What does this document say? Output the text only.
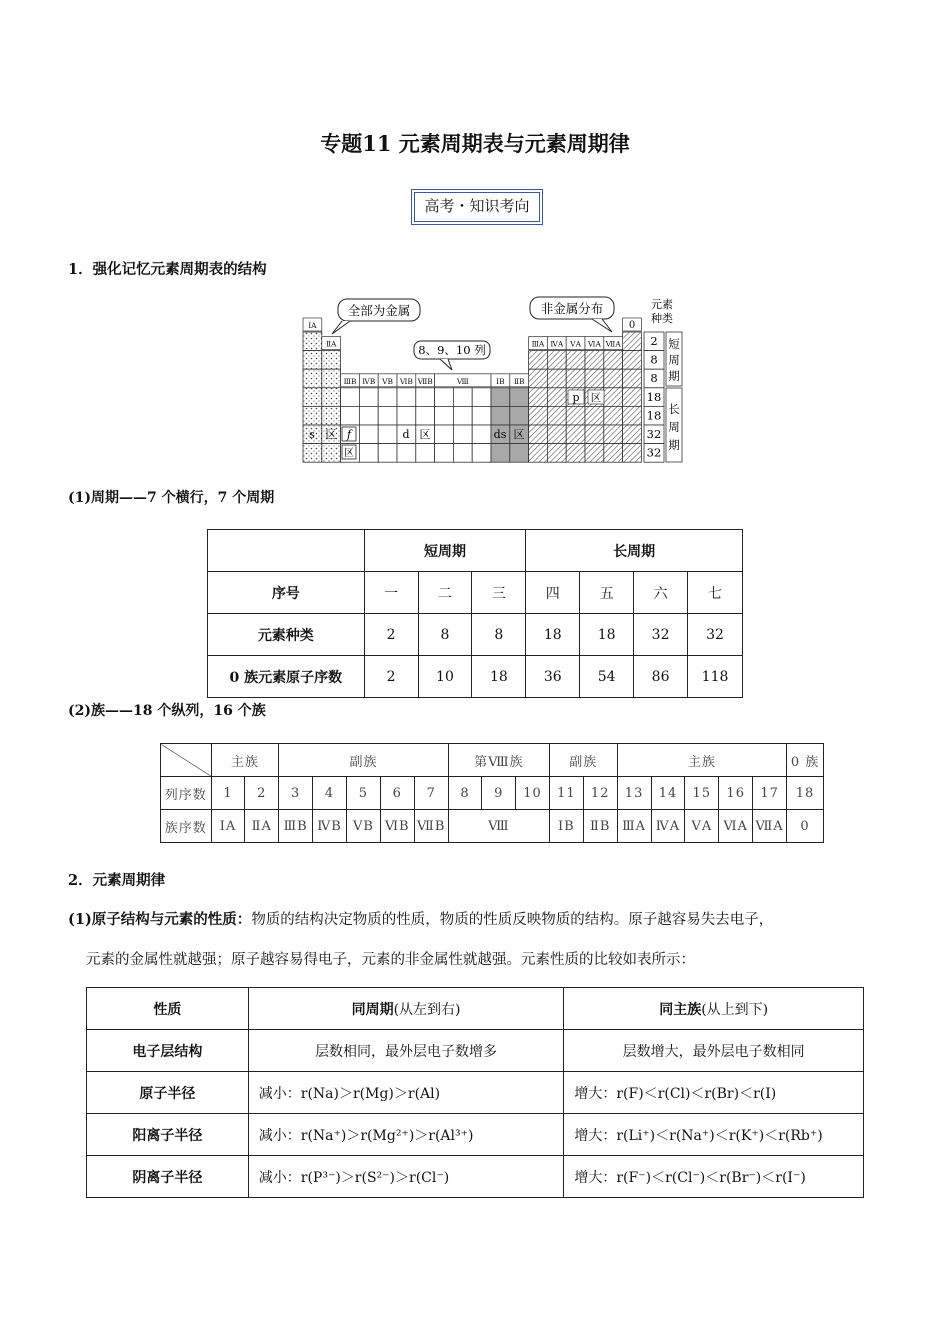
专题11 元素周期表与元素周期律
高考・知识考向
1．强化记忆元素周期表的结构
ⅠA
ⅡA	ⅢA ⅣA ⅤA ⅥA ⅦA
0
ⅢB ⅣB ⅤB ⅥB ⅦB	Ⅷ	ⅠB ⅡB
全部为金属	非金属分布
8、9、10 列
元素
种类
2
8
8
18
18
32
32
短周期
长周期
s 区 f
区
d 区	ds 区
p 区
(1)周期——7 个横行，7 个周期
	短周期			长周期			
序号	一	二	三	四	五	六	七
元素种类	2	8	8	18	18	32	32
0 族元素原子序数	2	10	18	36	54	86	118
(2)族——18 个纵列，16 个族
	主族		副族					第Ⅷ族			副族		主族					0 族
列序数	1	2	3	4	5	6	7	8	9	10	11	12	13	14	15	16	17	18
族序数	ⅠA	ⅡA	ⅢB	ⅣB	ⅤB	ⅥB	ⅦB	Ⅷ			ⅠB	ⅡB	ⅢA	ⅣA	ⅤA	ⅥA	ⅦA	0
2．元素周期律
(1)原子结构与元素的性质：物质的结构决定物质的性质，物质的性质反映物质的结构。原子越容易失去电子，
元素的金属性就越强；原子越容易得电子，元素的非金属性就越强。元素性质的比较如表所示：
性质	同周期(从左到右)	同主族(从上到下)
电子层结构	层数相同，最外层电子数增多	层数增大，最外层电子数相同
原子半径	减小：r(Na)＞r(Mg)＞r(Al)	增大：r(F)＜r(Cl)＜r(Br)＜r(I)
阳离子半径	减小：r(Na⁺)＞r(Mg²⁺)＞r(Al³⁺)	增大：r(Li⁺)＜r(Na⁺)＜r(K⁺)＜r(Rb⁺)
阴离子半径	减小：r(P³⁻)＞r(S²⁻)＞r(Cl⁻)	增大：r(F⁻)＜r(Cl⁻)＜r(Br⁻)＜r(I⁻)
